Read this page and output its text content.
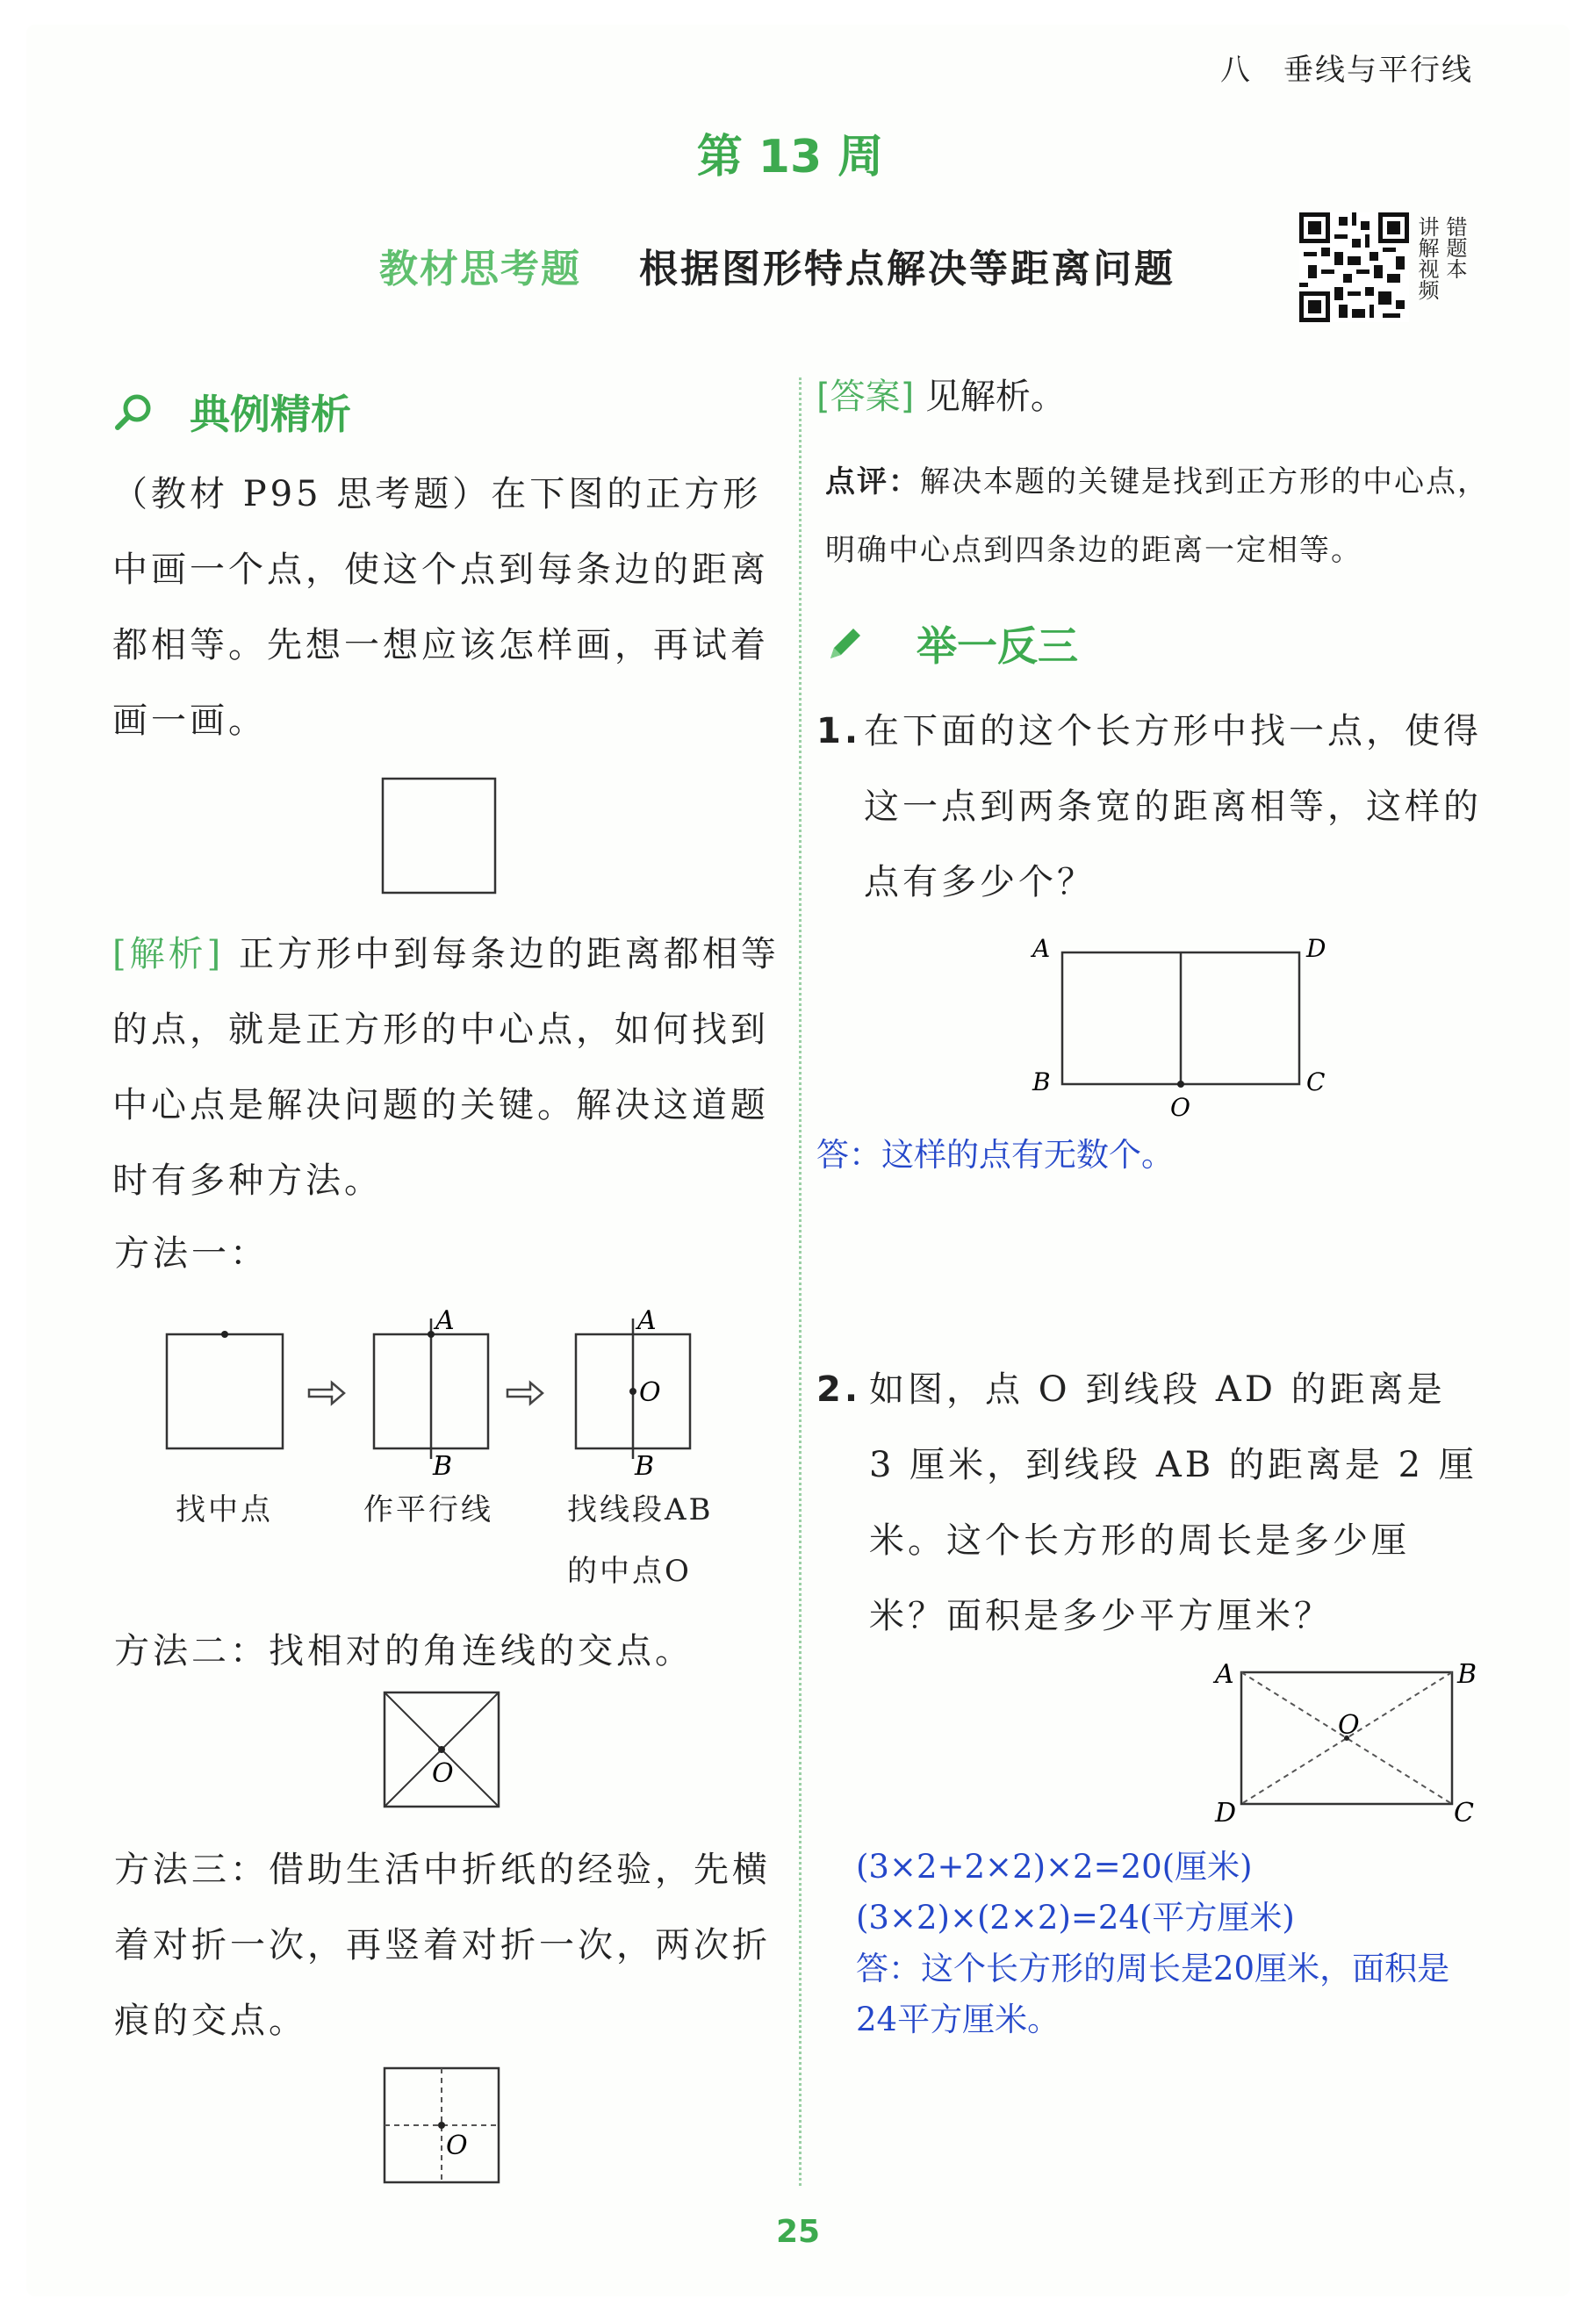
八　垂线与平行线
第 13 周
教材思考题 根据图形特点解决等距离问题	讲解视频 错题本
典例精析
（教材 P95 思考题）在下图的正方形中画一个点，使这个点到每条边的距离都相等。先想一想应该怎样画，再试着画一画。
[解析] 正方形中到每条边的距离都相等的点，就是正方形的中心点，如何找到中心点是解决问题的关键。解决这道题时有多种方法。
方法一：
A
B
A
B
O
找中点	作平行线 找线段AB
的中点O
方法二：找相对的角连线的交点。
O
方法三：借助生活中折纸的经验，先横着对折一次，再竖着对折一次，两次折痕的交点。
O
[答案] 见解析。
点评：解决本题的关键是找到正方形的中心点，明确中心点到四条边的距离一定相等。
举一反三
1. 在下面的这个长方形中找一点，使得这一点到两条宽的距离相等，这样的点有多少个？
A	D
B	C
O
答：这样的点有无数个。
2. 如图，点 O 到线段 AD 的距离是 3 厘米，到线段 AB 的距离是 2 厘米。这个长方形的周长是多少厘米？面积是多少平方厘米？
A	B
D	C
O
(3×2+2×2)×2=20(厘米)
(3×2)×(2×2)=24(平方厘米)
答：这个长方形的周长是20厘米，面积是
24平方厘米。
25
